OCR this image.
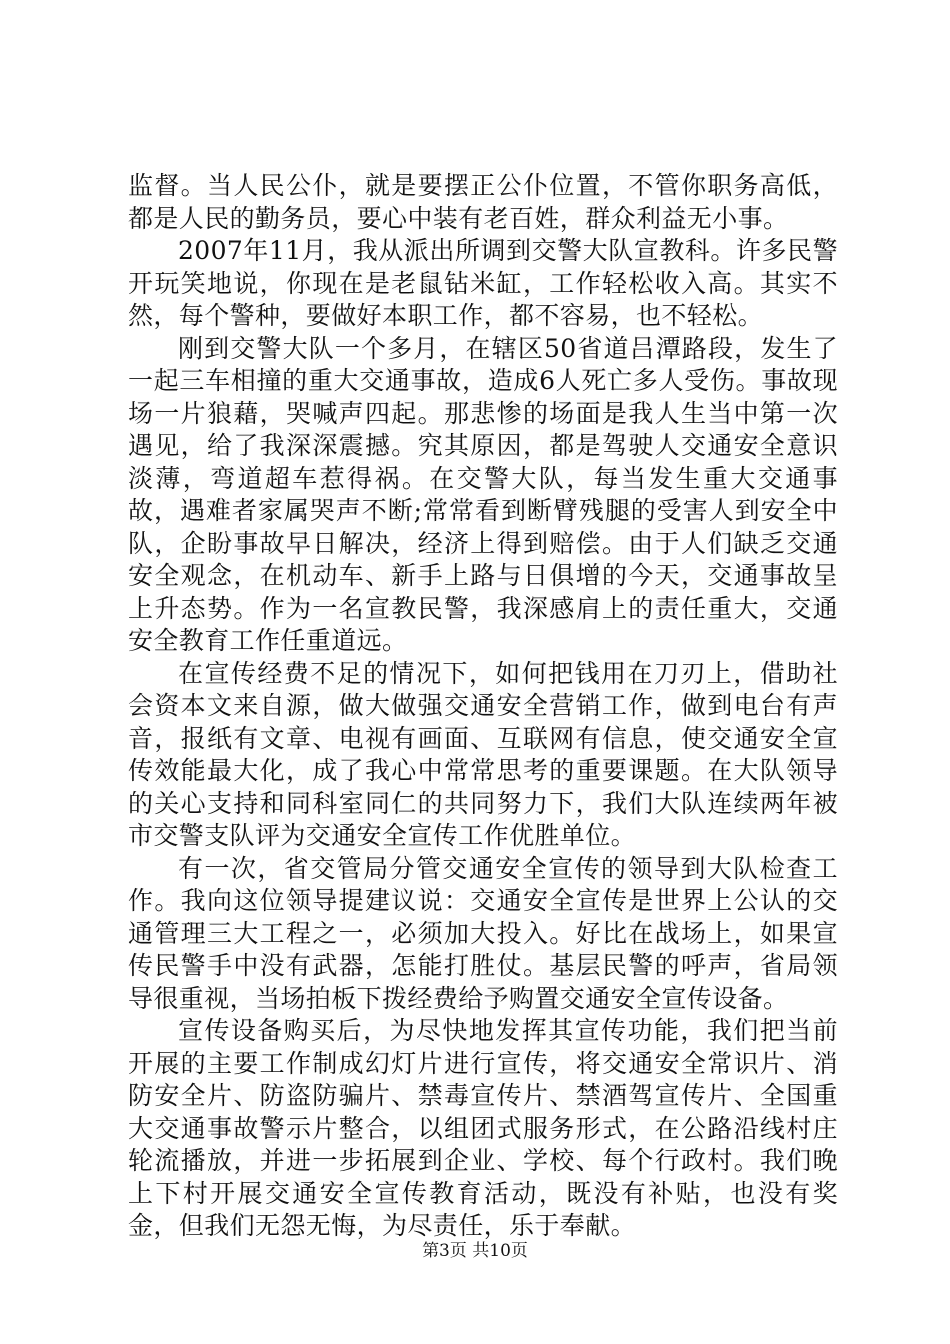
监督。当人民公仆，就是要摆正公仆位置，不管你职务高低，都是人民的勤务员，要心中装有老百姓，群众利益无小事。

2007年11月，我从派出所调到交警大队宣教科。许多民警开玩笑地说，你现在是老鼠钻米缸，工作轻松收入高。其实不然，每个警种，要做好本职工作，都不容易，也不轻松。

刚到交警大队一个多月，在辖区50省道吕潭路段，发生了一起三车相撞的重大交通事故，造成6人死亡多人受伤。事故现场一片狼藉，哭喊声四起。那悲惨的场面是我人生当中第一次遇见，给了我深深震撼。究其原因，都是驾驶人交通安全意识淡薄，弯道超车惹得祸。在交警大队，每当发生重大交通事故，遇难者家属哭声不断;常常看到断臂残腿的受害人到安全中队，企盼事故早日解决，经济上得到赔偿。由于人们缺乏交通安全观念，在机动车、新手上路与日俱增的今天，交通事故呈上升态势。作为一名宣教民警，我深感肩上的责任重大，交通安全教育工作任重道远。

在宣传经费不足的情况下，如何把钱用在刀刃上，借助社会资本文来自源，做大做强交通安全营销工作，做到电台有声音，报纸有文章、电视有画面、互联网有信息，使交通安全宣传效能最大化，成了我心中常常思考的重要课题。在大队领导的关心支持和同科室同仁的共同努力下，我们大队连续两年被市交警支队评为交通安全宣传工作优胜单位。

有一次，省交管局分管交通安全宣传的领导到大队检查工作。我向这位领导提建议说：交通安全宣传是世界上公认的交通管理三大工程之一，必须加大投入。好比在战场上，如果宣传民警手中没有武器，怎能打胜仗。基层民警的呼声，省局领导很重视，当场拍板下拨经费给予购置交通安全宣传设备。

宣传设备购买后，为尽快地发挥其宣传功能，我们把当前开展的主要工作制成幻灯片进行宣传，将交通安全常识片、消防安全片、防盗防骗片、禁毒宣传片、禁酒驾宣传片、全国重大交通事故警示片整合，以组团式服务形式，在公路沿线村庄轮流播放，并进一步拓展到企业、学校、每个行政村。我们晚上下村开展交通安全宣传教育活动，既没有补贴，也没有奖金，但我们无怨无悔，为尽责任，乐于奉献。

第3页 共10页
